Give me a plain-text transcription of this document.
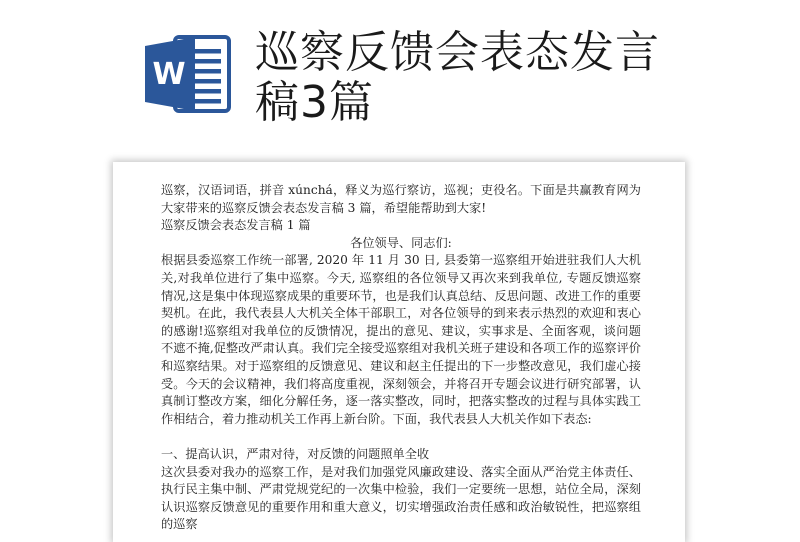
W 巡察反馈会表态发言稿3篇

巡察，汉语词语，拼音 xúnchá，释义为巡行察访，巡视；吏役名。下面是共赢教育网为大家带来的巡察反馈会表态发言稿 3 篇，希望能帮助到大家!

巡察反馈会表态发言稿 1 篇

各位领导、同志们:

根据县委巡察工作统一部署, 2020 年 11 月 30 日, 县委第一巡察组开始进驻我们人大机关,对我单位进行了集中巡察。今天, 巡察组的各位领导又再次来到我单位, 专题反馈巡察情况,这是集中体现巡察成果的重要环节，也是我们认真总结、反思问题、改进工作的重要契机。在此，我代表县人大机关全体干部职工，对各位领导的到来表示热烈的欢迎和衷心的感谢!巡察组对我单位的反馈情况，提出的意见、建议，实事求是、全面客观，谈问题不遮不掩,促整改严肃认真。我们完全接受巡察组对我机关班子建设和各项工作的巡察评价和巡察结果。对于巡察组的反馈意见、建议和赵主任提出的下一步整改意见，我们虚心接受。今天的会议精神，我们将高度重视，深刻领会，并将召开专题会议进行研究部署，认真制订整改方案，细化分解任务，逐一落实整改，同时，把落实整改的过程与具体实践工作相结合，着力推动机关工作再上新台阶。下面，我代表县人大机关作如下表态:

一、提高认识，严肃对待，对反馈的问题照单全收

这次县委对我办的巡察工作，是对我们加强党风廉政建设、落实全面从严治党主体责任、执行民主集中制、严肃党规党纪的一次集中检验，我们一定要统一思想，站位全局，深刻认识巡察反馈意见的重要作用和重大意义，切实增强政治责任感和政治敏锐性，把巡察组的巡察
